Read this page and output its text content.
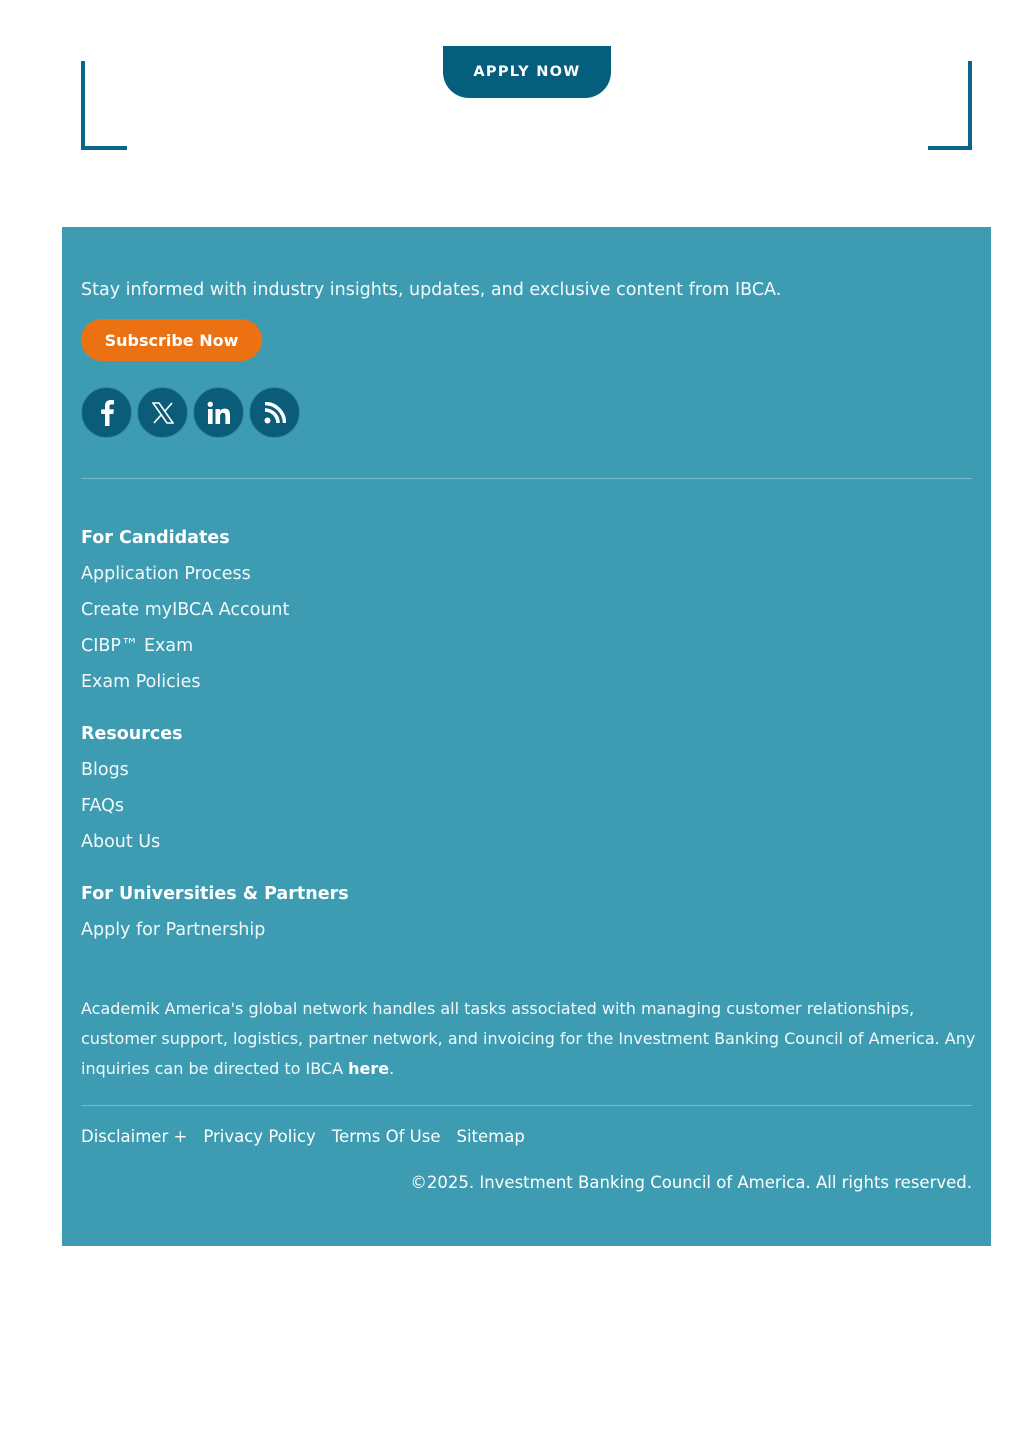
APPLY NOW
Stay informed with industry insights, updates, and exclusive content from IBCA.
Subscribe Now
For Candidates
Application Process
Create myIBCA Account
CIBP™ Exam
Exam Policies
Resources
Blogs
FAQs
About Us
For Universities & Partners
Apply for Partnership
Academik America's global network handles all tasks associated with managing customer relationships, customer support, logistics, partner network, and invoicing for the Investment Banking Council of America. Any inquiries can be directed to IBCA here.
Disclaimer + Privacy Policy Terms Of Use Sitemap
©2025. Investment Banking Council of America. All rights reserved.
